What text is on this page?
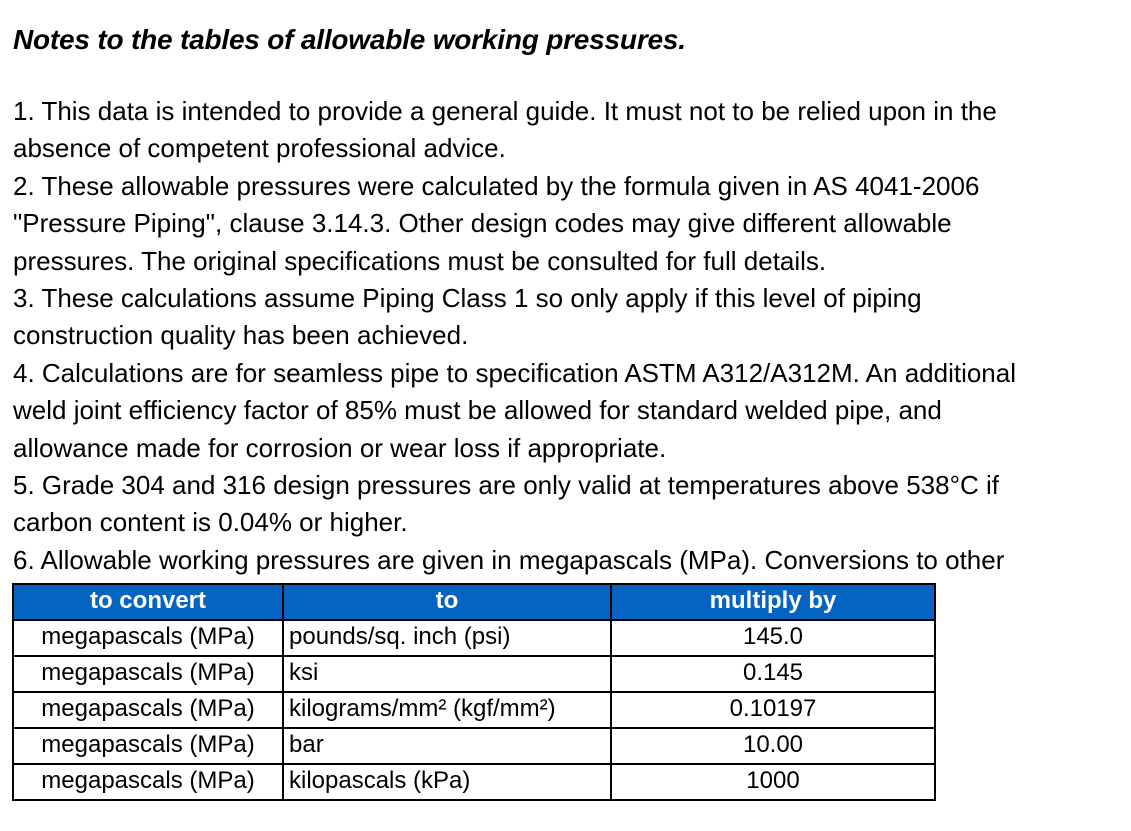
Notes to the tables of allowable working pressures.
1. This data is intended to provide a general guide. It must not to be relied upon in the
absence of competent professional advice.
2. These allowable pressures were calculated by the formula given in AS 4041-2006
"Pressure Piping", clause 3.14.3. Other design codes may give different allowable
pressures. The original specifications must be consulted for full details.
3. These calculations assume Piping Class 1 so only apply if this level of piping
construction quality has been achieved.
4. Calculations are for seamless pipe to specification ASTM A312/A312M. An additional
weld joint efficiency factor of 85% must be allowed for standard welded pipe, and
allowance made for corrosion or wear loss if appropriate.
5. Grade 304 and 316 design pressures are only valid at temperatures above 538°C if
carbon content is 0.04% or higher.
6. Allowable working pressures are given in megapascals (MPa). Conversions to other
to convert	to	multiply by
megapascals (MPa)	pounds/sq. inch (psi)	145.0
megapascals (MPa)	ksi	0.145
megapascals (MPa)	kilograms/mm² (kgf/mm²)	0.10197
megapascals (MPa)	bar	10.00
megapascals (MPa)	kilopascals (kPa)	1000
